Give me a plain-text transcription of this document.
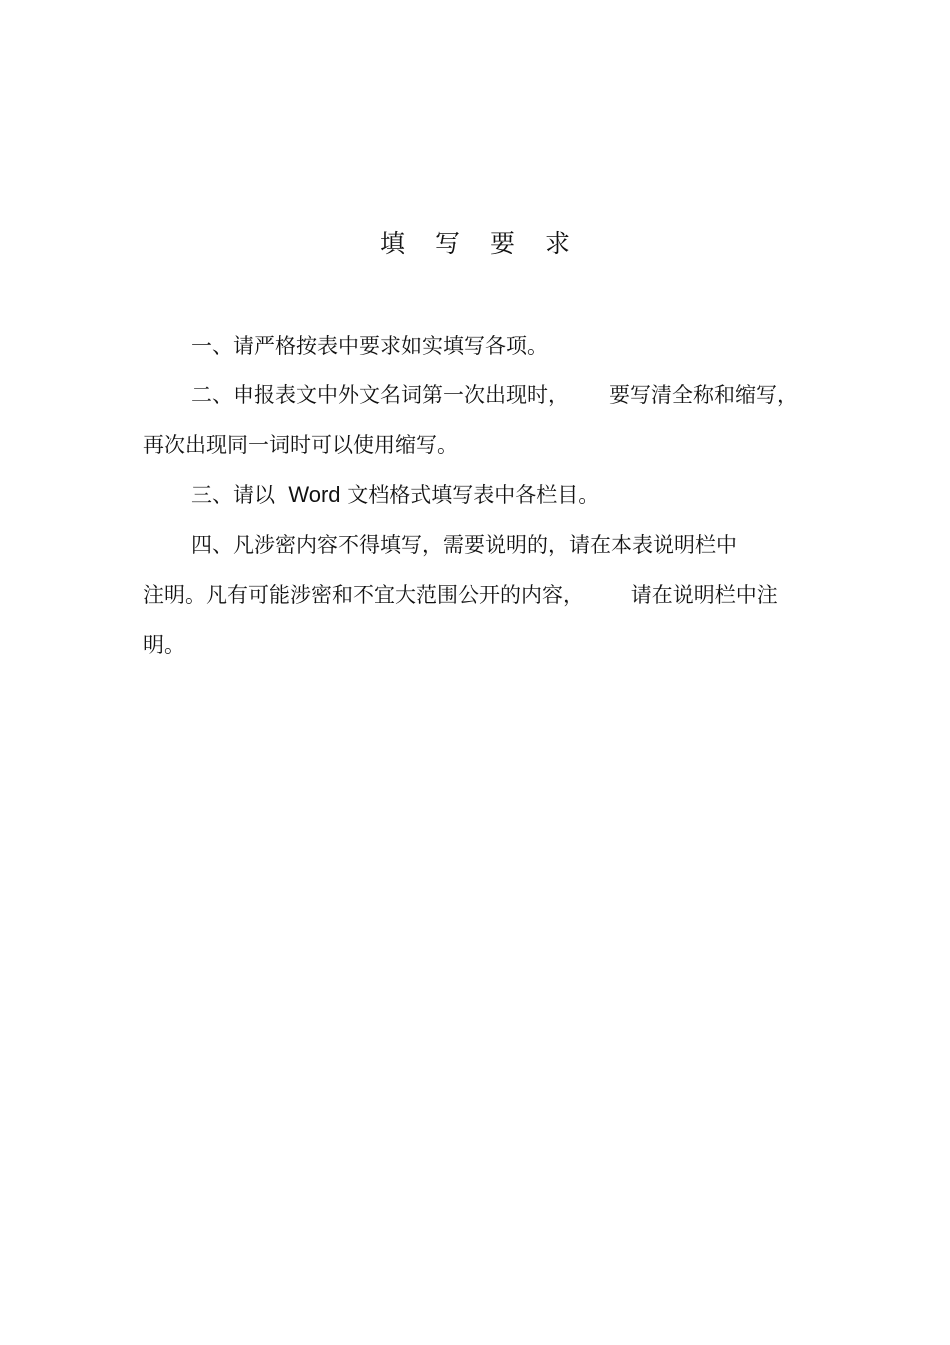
填写要求
一、请严格按表中要求如实填写各项。
二、申报表文中外文名词第一次出现时，      要写清全称和缩写，
再次出现同一词时可以使用缩写。
三、请以  Word 文档格式填写表中各栏目。
四、凡涉密内容不得填写，需要说明的，请在本表说明栏中
注明。凡有可能涉密和不宜大范围公开的内容，       请在说明栏中注
明。
